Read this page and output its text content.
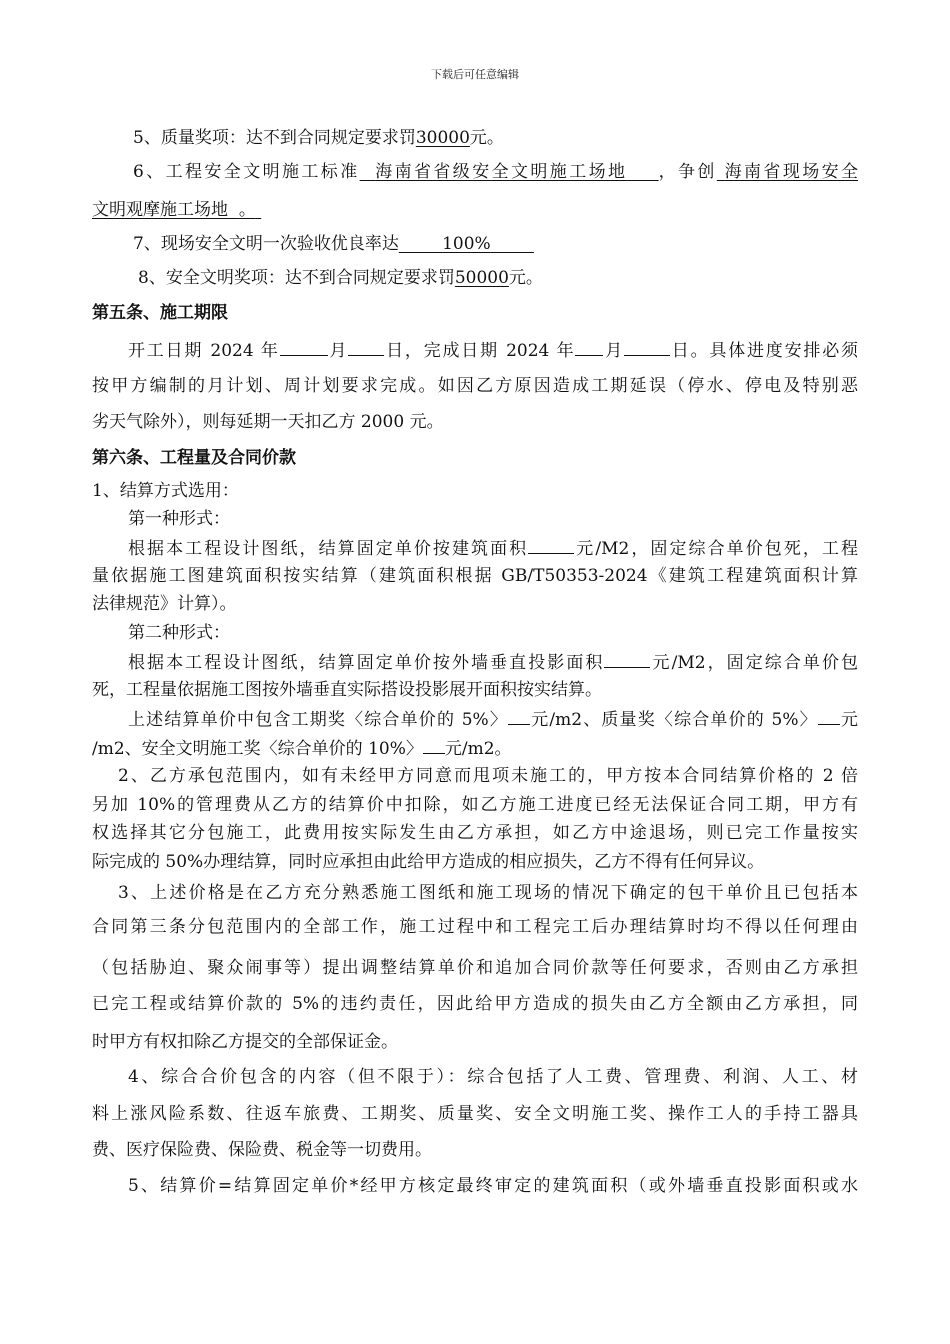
下载后可任意编辑
5、质量奖项：达不到合同规定要求罚30000元。
6、工程安全文明施工标准 海南省省级安全文明施工场地 ，争创 海南省现场安全
文明观摩施工场地 。
7、现场安全文明一次验收优良率达	100%
8、安全文明奖项：达不到合同规定要求罚50000元。
第五条、施工期限
开工日期 2024 年	月 日，完成日期 2024 年 月	日。具体进度安排必须
按甲方编制的月计划、周计划要求完成。如因乙方原因造成工期延误（停水、停电及特别恶
劣天气除外），则每延期一天扣乙方 2000 元。
第六条、工程量及合同价款
1、结算方式选用：
第一种形式：
根据本工程设计图纸，结算固定单价按建筑面积	元/M2，固定综合单价包死，工程
量依据施工图建筑面积按实结算（建筑面积根据 GB/T50353-2024《建筑工程建筑面积计算
法律规范》计算）。
第二种形式：
根据本工程设计图纸，结算固定单价按外墙垂直投影面积	元/M2，固定综合单价包
死，工程量依据施工图按外墙垂直实际搭设投影展开面积按实结算。
上述结算单价中包含工期奖〈综合单价的 5%〉 元/m2、质量奖〈综合单价的 5%〉 元
/m2、安全文明施工奖〈综合单价的 10%〉 元/m2。
2、乙方承包范围内，如有未经甲方同意而甩项未施工的，甲方按本合同结算价格的 2 倍
另加 10%的管理费从乙方的结算价中扣除，如乙方施工进度已经无法保证合同工期，甲方有
权选择其它分包施工，此费用按实际发生由乙方承担，如乙方中途退场，则已完工作量按实
际完成的 50%办理结算，同时应承担由此给甲方造成的相应损失，乙方不得有任何异议。
3、上述价格是在乙方充分熟悉施工图纸和施工现场的情况下确定的包干单价且已包括本
合同第三条分包范围内的全部工作，施工过程中和工程完工后办理结算时均不得以任何理由
（包括胁迫、聚众闹事等）提出调整结算单价和追加合同价款等任何要求，否则由乙方承担
已完工程或结算价款的 5%的违约责任，因此给甲方造成的损失由乙方全额由乙方承担，同
时甲方有权扣除乙方提交的全部保证金。
4、综合合价包含的内容（但不限于）：综合包括了人工费、管理费、利润、人工、材
料上涨风险系数、往返车旅费、工期奖、质量奖、安全文明施工奖、操作工人的手持工器具
费、医疗保险费、保险费、税金等一切费用。
5、结算价=结算固定单价*经甲方核定最终审定的建筑面积（或外墙垂直投影面积或水
